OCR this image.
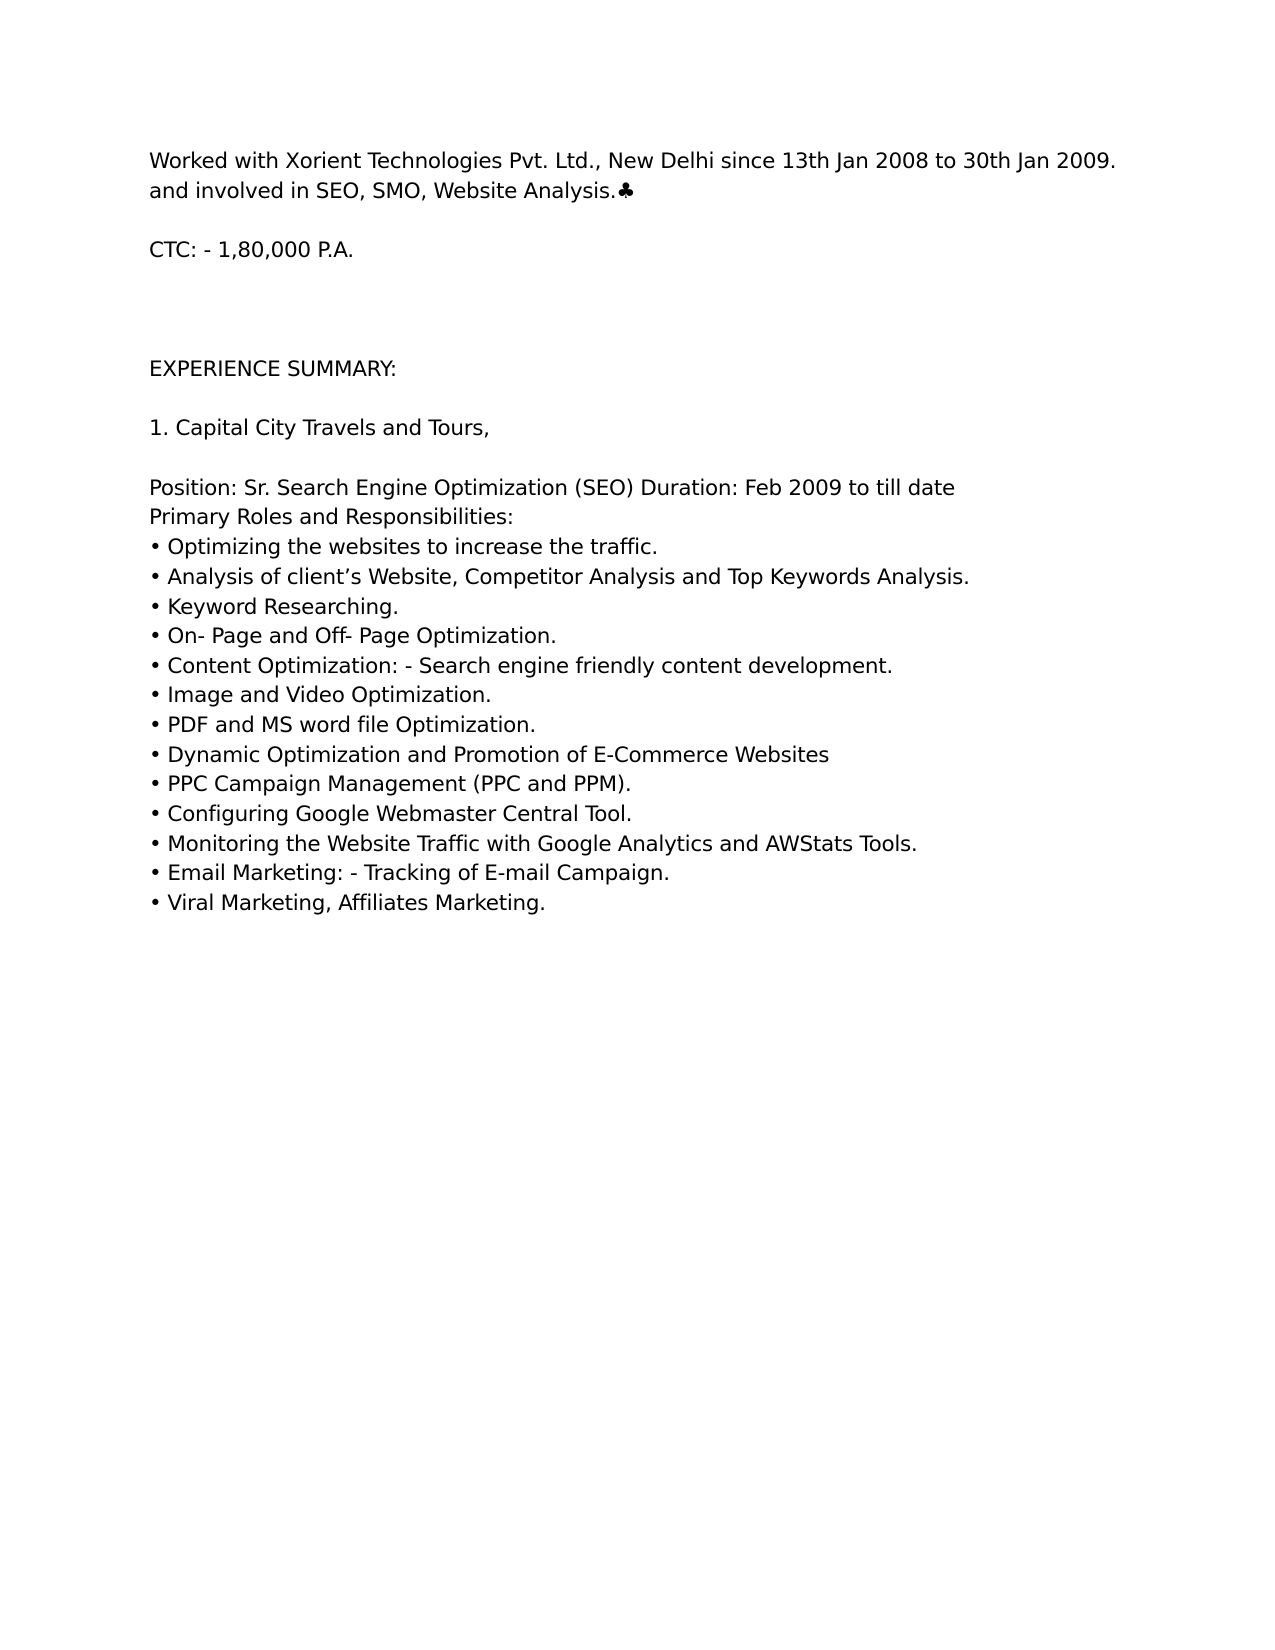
Worked with Xorient Technologies Pvt. Ltd., New Delhi since 13th Jan 2008 to 30th Jan 2009.
and involved in SEO, SMO, Website Analysis.♣
CTC: - 1,80,000 P.A.
EXPERIENCE SUMMARY:
1. Capital City Travels and Tours,
Position: Sr. Search Engine Optimization (SEO) Duration: Feb 2009 to till date
Primary Roles and Responsibilities:
• Optimizing the websites to increase the traffic.
• Analysis of client’s Website, Competitor Analysis and Top Keywords Analysis.
• Keyword Researching.
• On- Page and Off- Page Optimization.
• Content Optimization: - Search engine friendly content development.
• Image and Video Optimization.
• PDF and MS word file Optimization.
• Dynamic Optimization and Promotion of E-Commerce Websites
• PPC Campaign Management (PPC and PPM).
• Configuring Google Webmaster Central Tool.
• Monitoring the Website Traffic with Google Analytics and AWStats Tools.
• Email Marketing: - Tracking of E-mail Campaign.
• Viral Marketing, Affiliates Marketing.
